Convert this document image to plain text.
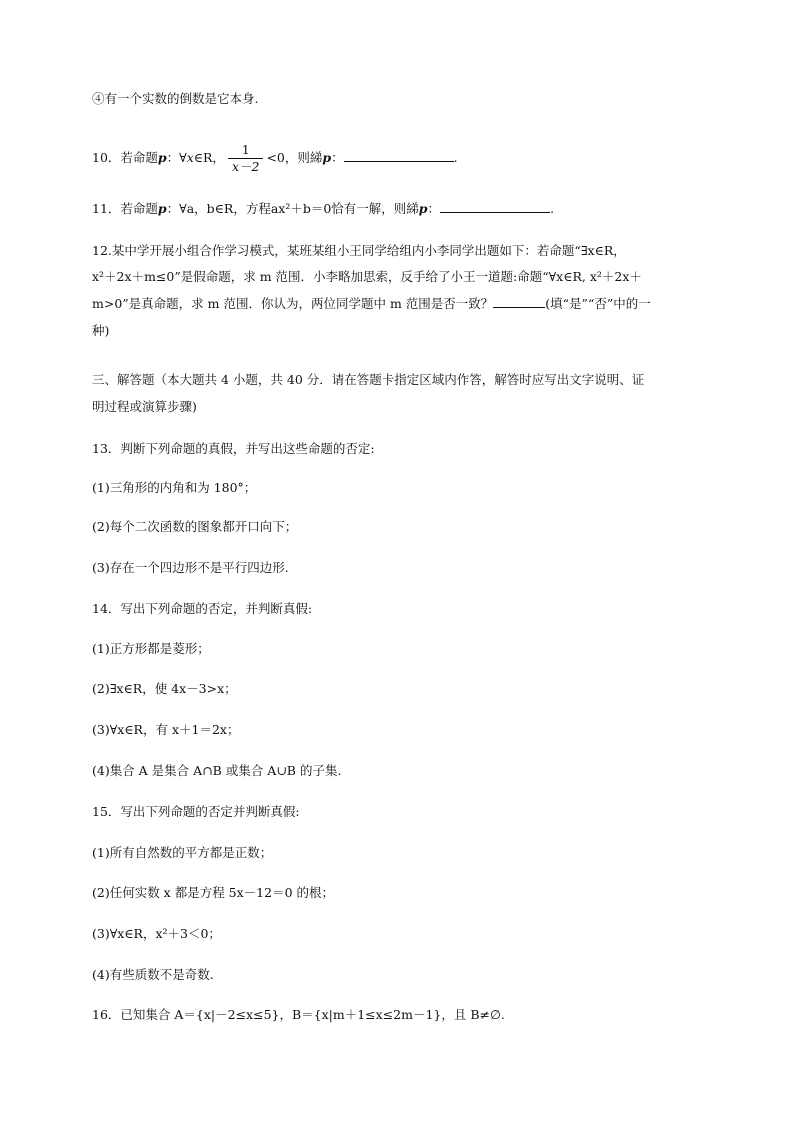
④有一个实数的倒数是它本身.
10．若命题p：∀x∈R， $\frac{1}{x-2} <0$，则綈p：	.
11．若命题p：∀a，b∈R，方程ax²＋b＝0恰有一解，则綈p：	.
12.某中学开展小组合作学习模式，某班某组小王同学给组内小李同学出题如下：若命题“∃x∈R，
x²＋2x＋m≤0”是假命题，求 m 范围．小李略加思索，反手给了小王一道题:命题“∀x∈R, x²＋2x＋
m>0”是真命题，求 m 范围．你认为，两位同学题中 m 范围是否一致？	(填“是”“否”中的一
种)
三、解答题（本大题共 4 小题，共 40 分．请在答题卡指定区域内作答，解答时应写出文字说明、证
明过程或演算步骤)
13．判断下列命题的真假，并写出这些命题的否定:
(1)三角形的内角和为 180°；
(2)每个二次函数的图象都开口向下；
(3)存在一个四边形不是平行四边形.
14．写出下列命题的否定，并判断真假:
(1)正方形都是菱形；
(2)∃x∈R，使 4x－3>x；
(3)∀x∈R，有 x＋1＝2x；
(4)集合 A 是集合 A∩B 或集合 A∪B 的子集.
15．写出下列命题的否定并判断真假:
(1)所有自然数的平方都是正数；
(2)任何实数 x 都是方程 5x－12＝0 的根；
(3)∀x∈R，x²＋3＜0；
(4)有些质数不是奇数.
16．已知集合 A＝{x|－2≤x≤5}，B＝{x|m＋1≤x≤2m－1}，且 B≠∅.
